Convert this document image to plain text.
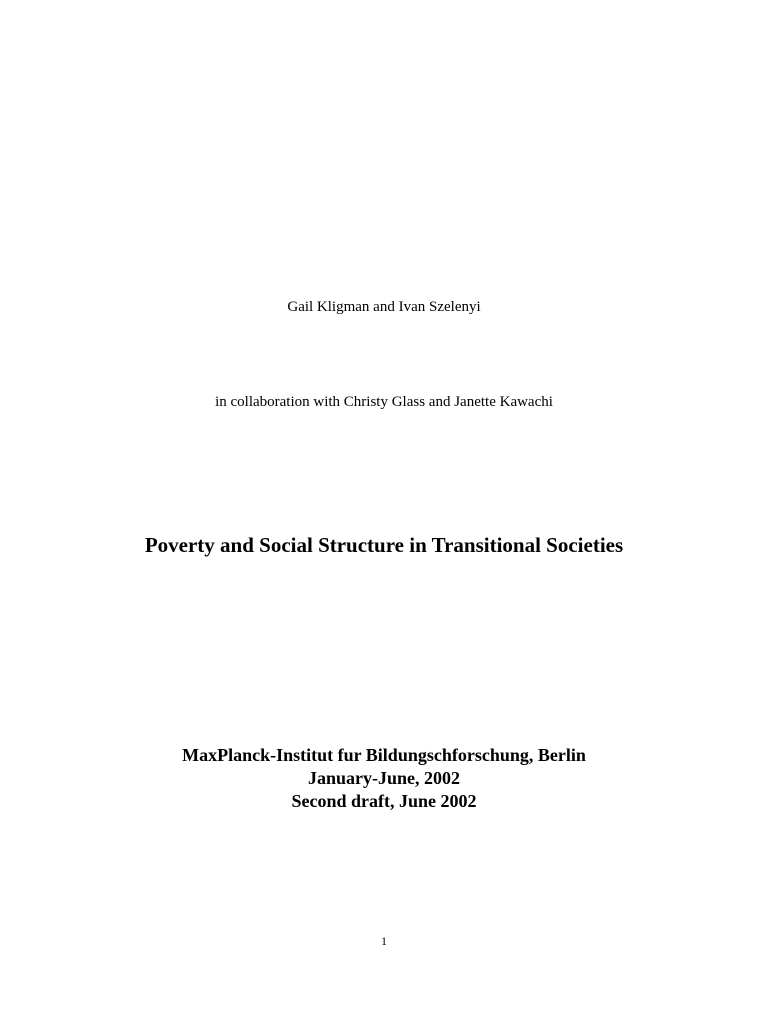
Gail Kligman and Ivan Szelenyi
in collaboration with Christy Glass and Janette Kawachi
Poverty and Social Structure in Transitional Societies
MaxPlanck-Institut fur Bildungschforschung, Berlin
January-June, 2002
Second draft, June 2002
1
